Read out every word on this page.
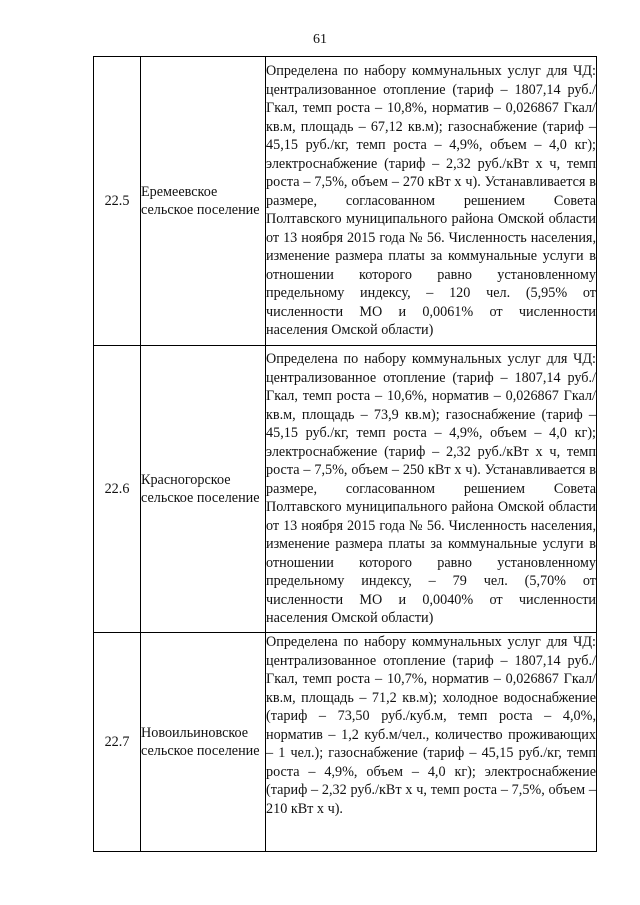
61
22.5	Еремеевское сельское поселение	Определена по набору коммунальных услуг для ЧД: централизованное отопление (тариф – 1807,14 руб./Гкал, темп роста – 10,8%, норматив – 0,026867 Гкал/кв.м, площадь – 67,12 кв.м); газоснабжение (тариф – 45,15 руб./кг, темп роста – 4,9%, объем – 4,0 кг); электроснабжение (тариф – 2,32 руб./кВт х ч, темп роста – 7,5%, объем – 270 кВт х ч). Устанавливается в размере, согласованном решением Совета Полтавского муниципального района Омской области от 13 ноября 2015 года № 56. Численность населения, изменение размера платы за коммунальные услуги в отношении которого равно установленному предельному индексу, – 120 чел. (5,95% от численности МО и 0,0061% от численности населения Омской области)
22.6	Красногорское сельское поселение	Определена по набору коммунальных услуг для ЧД: централизованное отопление (тариф – 1807,14 руб./Гкал, темп роста – 10,6%, норматив – 0,026867 Гкал/кв.м, площадь – 73,9 кв.м); газоснабжение (тариф – 45,15 руб./кг, темп роста – 4,9%, объем – 4,0 кг); электроснабжение (тариф – 2,32 руб./кВт х ч, темп роста – 7,5%, объем – 250 кВт х ч). Устанавливается в размере, согласованном решением Совета Полтавского муниципального района Омской области от 13 ноября 2015 года № 56. Численность населения, изменение размера платы за коммунальные услуги в отношении которого равно установленному предельному индексу, – 79 чел. (5,70% от численности МО и 0,0040% от численности населения Омской области)
22.7	Новоильиновское сельское поселение	Определена по набору коммунальных услуг для ЧД: централизованное отопление (тариф – 1807,14 руб./Гкал, темп роста – 10,7%, норматив – 0,026867 Гкал/кв.м, площадь – 71,2 кв.м); холодное водоснабжение (тариф – 73,50 руб./куб.м, темп роста – 4,0%, норматив – 1,2 куб.м/чел., количество проживающих – 1 чел.); газоснабжение (тариф – 45,15 руб./кг, темп роста – 4,9%, объем – 4,0 кг); электроснабжение (тариф – 2,32 руб./кВт х ч, темп роста – 7,5%, объем – 210 кВт х ч).
